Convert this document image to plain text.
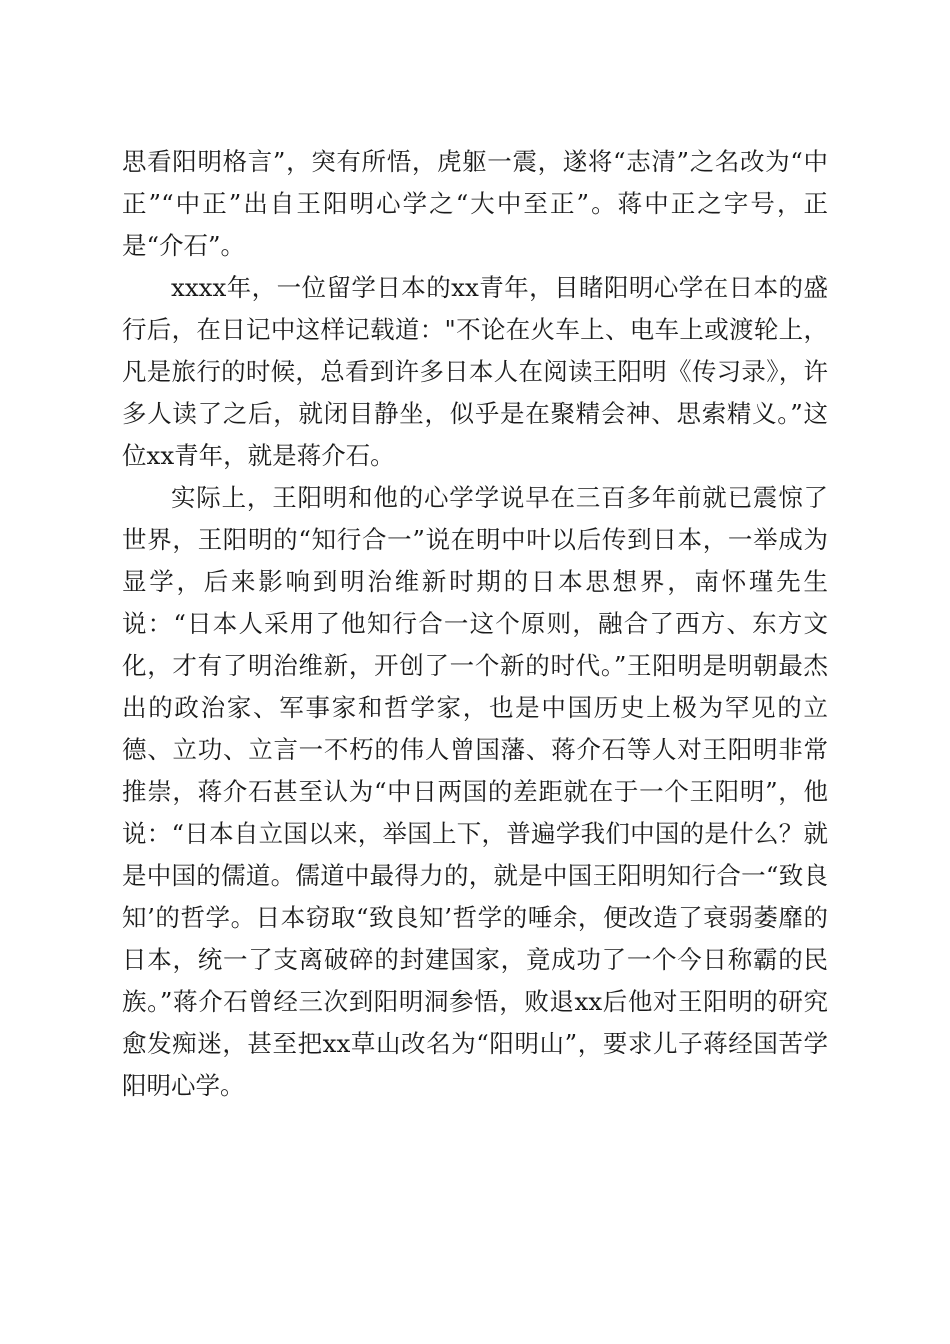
思看阳明格言”，突有所悟，虎躯一震，遂将“志清”之名改为“中正”“中正”出自王阳明心学之“大中至正”。蒋中正之字号，正是“介石”。

xxxx年，一位留学日本的xx青年，目睹阳明心学在日本的盛行后，在日记中这样记载道："不论在火车上、电车上或渡轮上，凡是旅行的时候，总看到许多日本人在阅读王阳明《传习录》，许多人读了之后，就闭目静坐，似乎是在聚精会神、思索精义。”这位xx青年，就是蒋介石。

实际上，王阳明和他的心学学说早在三百多年前就已震惊了世界，王阳明的“知行合一”说在明中叶以后传到日本，一举成为显学，后来影响到明治维新时期的日本思想界，南怀瑾先生说：“日本人采用了他知行合一这个原则，融合了西方、东方文化，才有了明治维新，开创了一个新的时代。”王阳明是明朝最杰出的政治家、军事家和哲学家，也是中国历史上极为罕见的立德、立功、立言一不朽的伟人曾国藩、蒋介石等人对王阳明非常推崇，蒋介石甚至认为“中日两国的差距就在于一个王阳明”，他说：“日本自立国以来，举国上下，普遍学我们中国的是什么？就是中国的儒道。儒道中最得力的，就是中国王阳明知行合一“致良知’的哲学。日本窃取“致良知’哲学的唾余，便改造了衰弱萎靡的日本，统一了支离破碎的封建国家，竟成功了一个今日称霸的民族。”蒋介石曾经三次到阳明洞参悟，败退xx后他对王阳明的研究愈发痴迷，甚至把xx草山改名为“阳明山”，要求儿子蒋经国苦学阳明心学。
